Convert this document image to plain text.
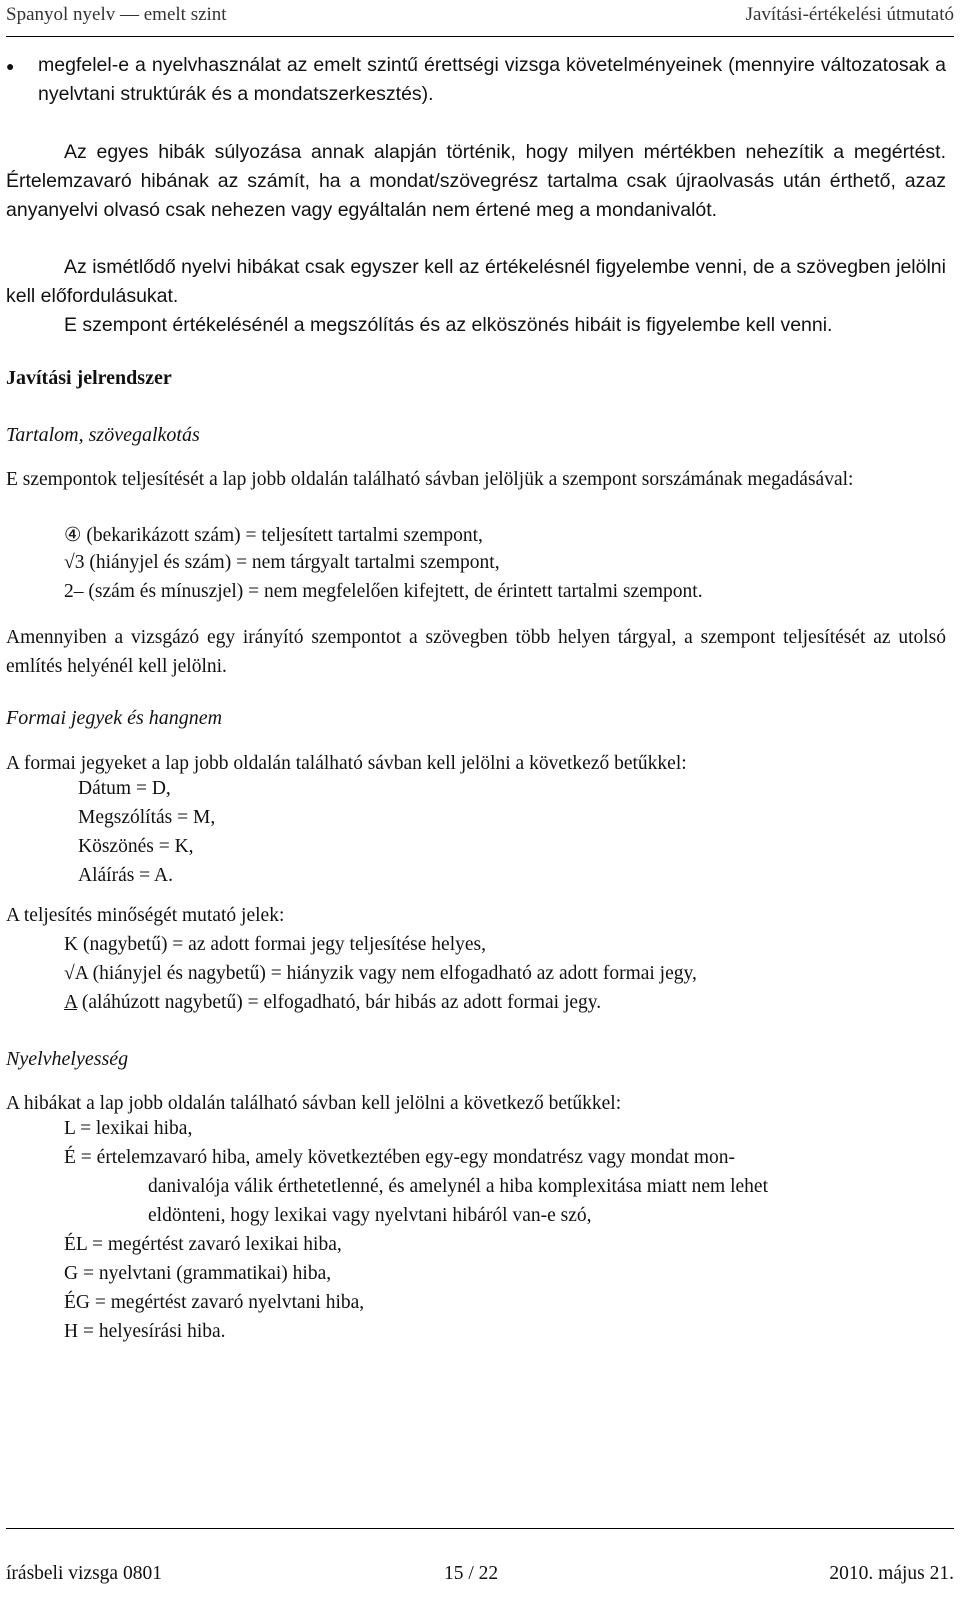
Spanyol nyelv — emelt szint	Javítási-értékelési útmutató
● megfelel-e a nyelvhasználat az emelt szintű érettségi vizsga követelményeinek (mennyire változatosak a nyelvtani struktúrák és a mondatszerkesztés).
Az egyes hibák súlyozása annak alapján történik, hogy milyen mértékben nehezítik a megértést. Értelemzavaró hibának az számít, ha a mondat/szövegrész tartalma csak újraolvasás után érthető, azaz anyanyelvi olvasó csak nehezen vagy egyáltalán nem értené meg a mondanivalót.
Az ismétlődő nyelvi hibákat csak egyszer kell az értékelésnél figyelembe venni, de a szövegben jelölni kell előfordulásukat.
E szempont értékelésénél a megszólítás és az elköszönés hibáit is figyelembe kell venni.
Javítási jelrendszer
Tartalom, szövegalkotás
E szempontok teljesítését a lap jobb oldalán található sávban jelöljük a szempont sorszámának megadásával:
④ (bekarikázott szám) = teljesített tartalmi szempont,
√3 (hiányjel és szám) = nem tárgyalt tartalmi szempont,
2– (szám és mínuszjel) = nem megfelelően kifejtett, de érintett tartalmi szempont.
Amennyiben a vizsgázó egy irányító szempontot a szövegben több helyen tárgyal, a szempont teljesítését az utolsó említés helyénél kell jelölni.
Formai jegyek és hangnem
A formai jegyeket a lap jobb oldalán található sávban kell jelölni a következő betűkkel:
Dátum = D,
Megszólítás = M,
Köszönés = K,
Aláírás = A.
A teljesítés minőségét mutató jelek:
K (nagybetű) = az adott formai jegy teljesítése helyes,
√A (hiányjel és nagybetű) = hiányzik vagy nem elfogadható az adott formai jegy,
A (aláhúzott nagybetű) = elfogadható, bár hibás az adott formai jegy.
Nyelvhelyesség
A hibákat a lap jobb oldalán található sávban kell jelölni a következő betűkkel:
L = lexikai hiba,
É = értelemzavaró hiba, amely következtében egy-egy mondatrész vagy mondat mon-
danivalója válik érthetetlenné, és amelynél a hiba komplexitása miatt nem lehet
eldönteni, hogy lexikai vagy nyelvtani hibáról van-e szó,
ÉL = megértést zavaró lexikai hiba,
G = nyelvtani (grammatikai) hiba,
ÉG = megértést zavaró nyelvtani hiba,
H = helyesírási hiba.
írásbeli vizsga 0801	15 / 22	2010. május 21.
